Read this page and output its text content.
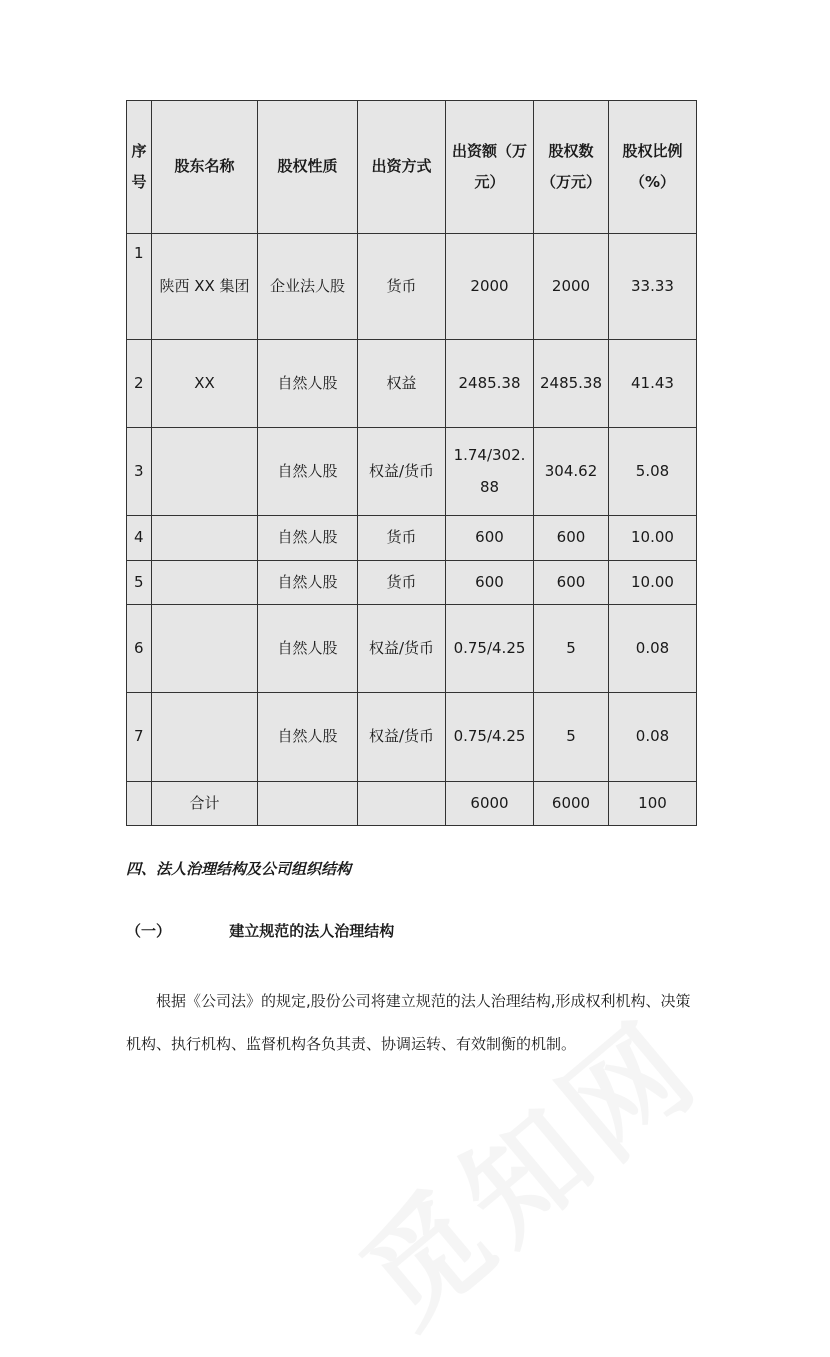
序号	股东名称	股权性质	出资方式	出资额（万元）	股权数（万元）	股权比例（%）
1	陕西 XX 集团	企业法人股	货币	2000	2000	33.33
2	XX	自然人股	权益	2485.38	2485.38	41.43
3		自然人股	权益/货币	1.74/302.88	304.62	5.08
4		自然人股	货币	600	600	10.00
5		自然人股	货币	600	600	10.00
6		自然人股	权益/货币	0.75/4.25	5	0.08
7		自然人股	权益/货币	0.75/4.25	5	0.08
	合计			6000	6000	100
四、法人治理结构及公司组织结构
（一）	建立规范的法人治理结构

根据《公司法》的规定,股份公司将建立规范的法人治理结构,形成权利机构、决策机构、执行机构、监督机构各负其责、协调运转、有效制衡的机制。
